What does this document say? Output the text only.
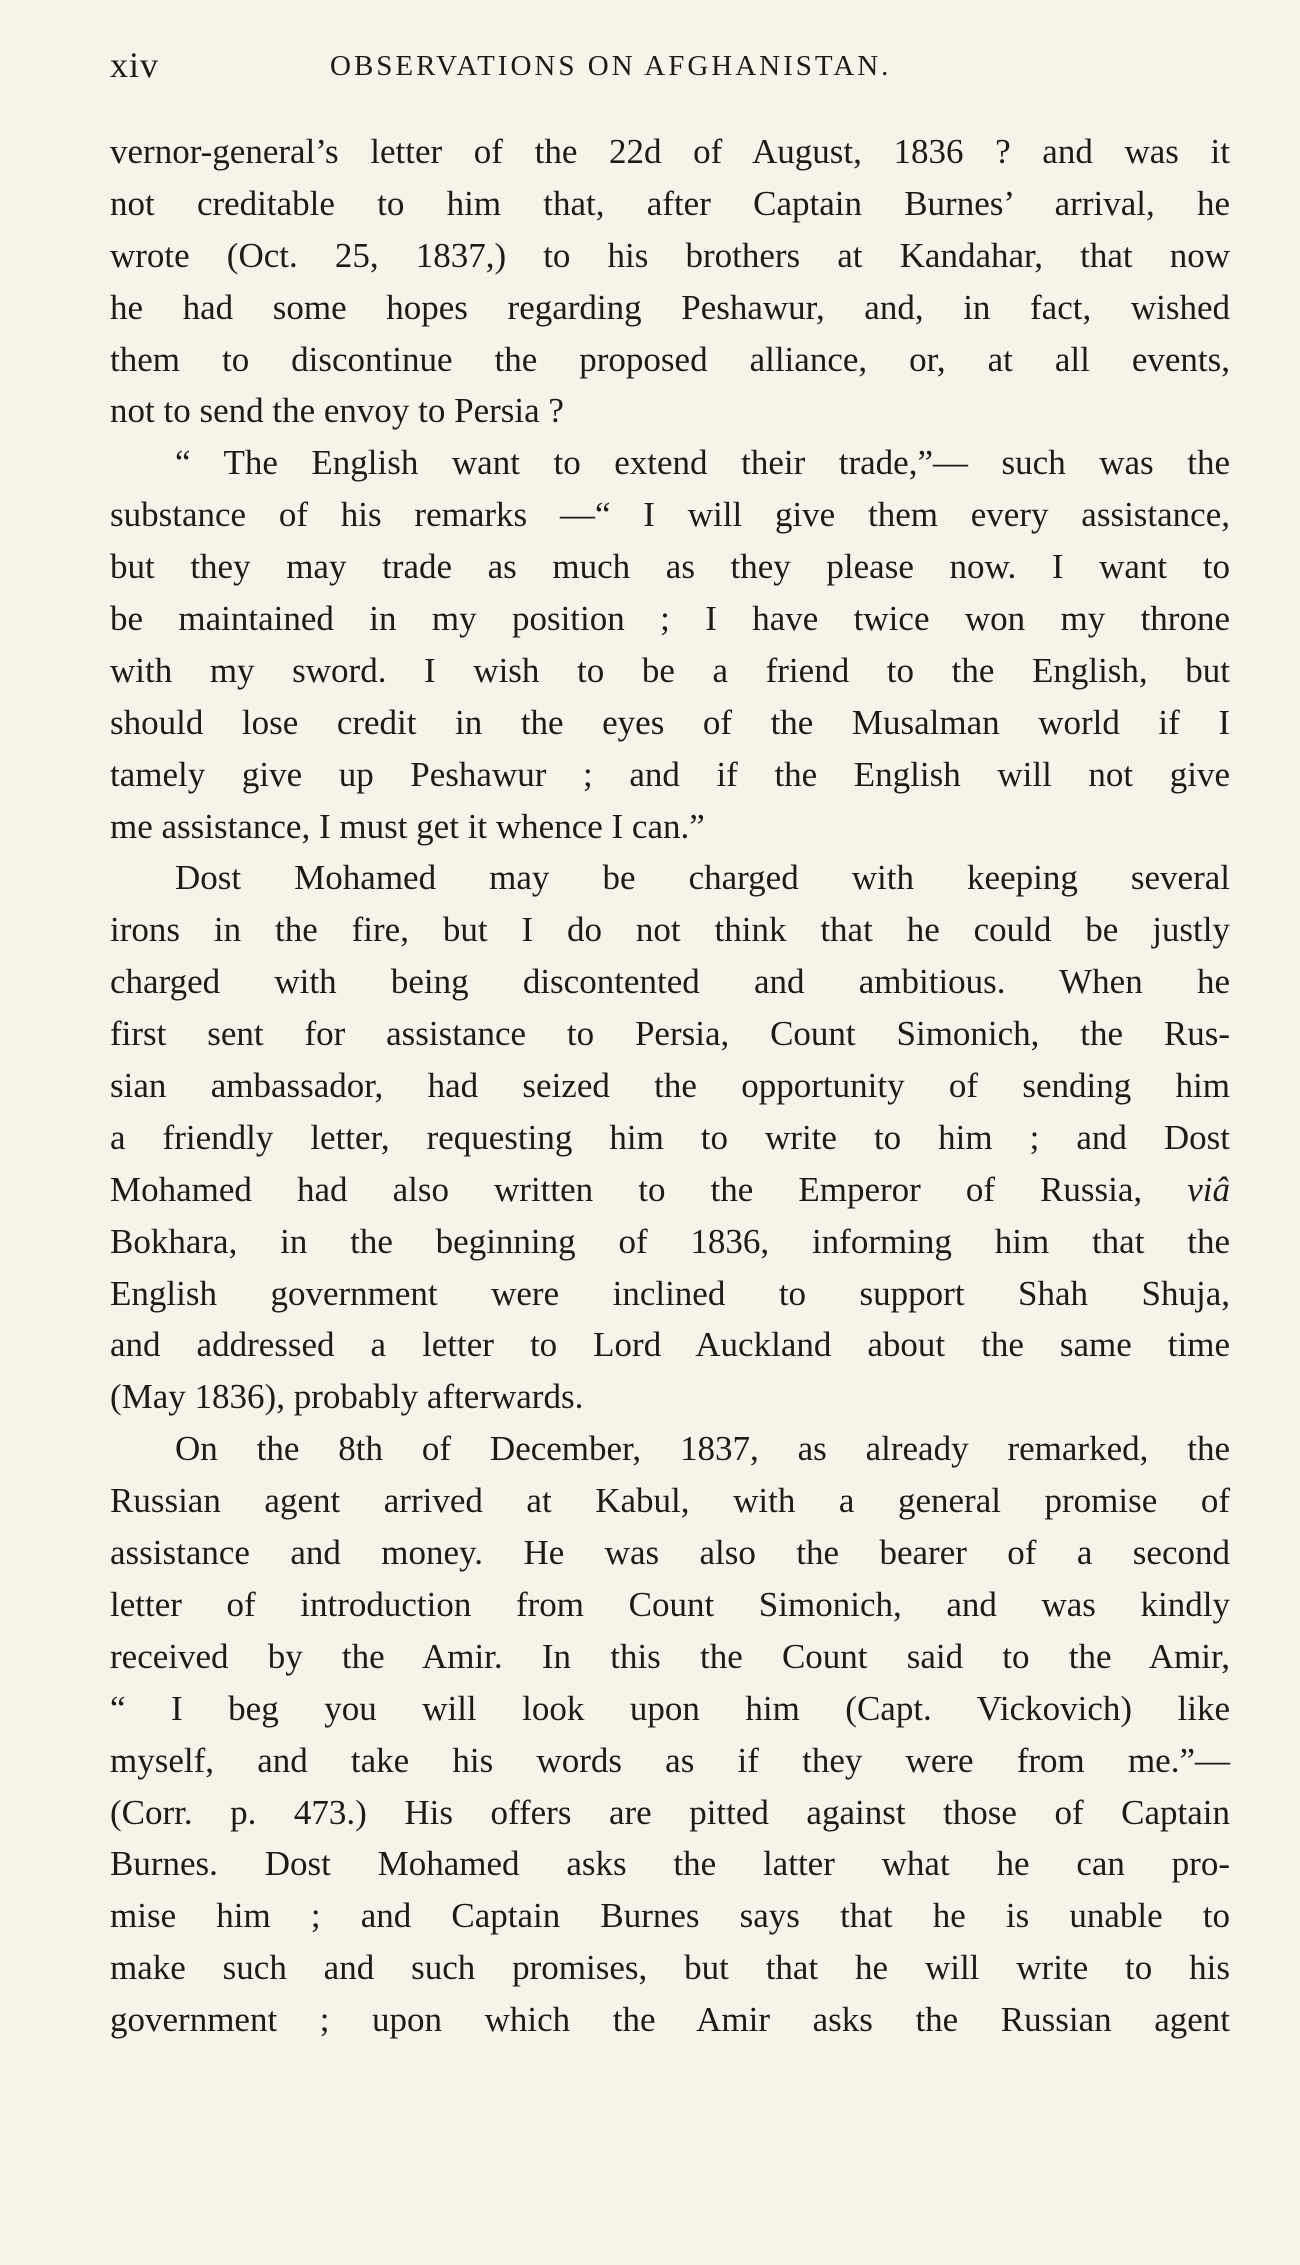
xiv	OBSERVATIONS ON AFGHANISTAN.
vernor-general’s letter of the 22d of August, 1836 ? and was it
not creditable to him that, after Captain Burnes’ arrival, he
wrote (Oct. 25, 1837,) to his brothers at Kandahar, that now
he had some hopes regarding Peshawur, and, in fact, wished
them to discontinue the proposed alliance, or, at all events,
not to send the envoy to Persia ?
“ The English want to extend their trade,”— such was the
substance of his remarks —“ I will give them every assistance,
but they may trade as much as they please now. I want to
be maintained in my position ; I have twice won my throne
with my sword. I wish to be a friend to the English, but
should lose credit in the eyes of the Musalman world if I
tamely give up Peshawur ; and if the English will not give
me assistance, I must get it whence I can.”
Dost Mohamed may be charged with keeping several
irons in the fire, but I do not think that he could be justly
charged with being discontented and ambitious. When he
first sent for assistance to Persia, Count Simonich, the Rus-
sian ambassador, had seized the opportunity of sending him
a friendly letter, requesting him to write to him ; and Dost
Mohamed had also written to the Emperor of Russia, viâ
Bokhara, in the beginning of 1836, informing him that the
English government were inclined to support Shah Shuja,
and addressed a letter to Lord Auckland about the same time
(May 1836), probably afterwards.
On the 8th of December, 1837, as already remarked, the
Russian agent arrived at Kabul, with a general promise of
assistance and money. He was also the bearer of a second
letter of introduction from Count Simonich, and was kindly
received by the Amir. In this the Count said to the Amir,
“ I beg you will look upon him (Capt. Vickovich) like
myself, and take his words as if they were from me.”—
(Corr. p. 473.) His offers are pitted against those of Captain
Burnes. Dost Mohamed asks the latter what he can pro-
mise him ; and Captain Burnes says that he is unable to
make such and such promises, but that he will write to his
government ; upon which the Amir asks the Russian agent
